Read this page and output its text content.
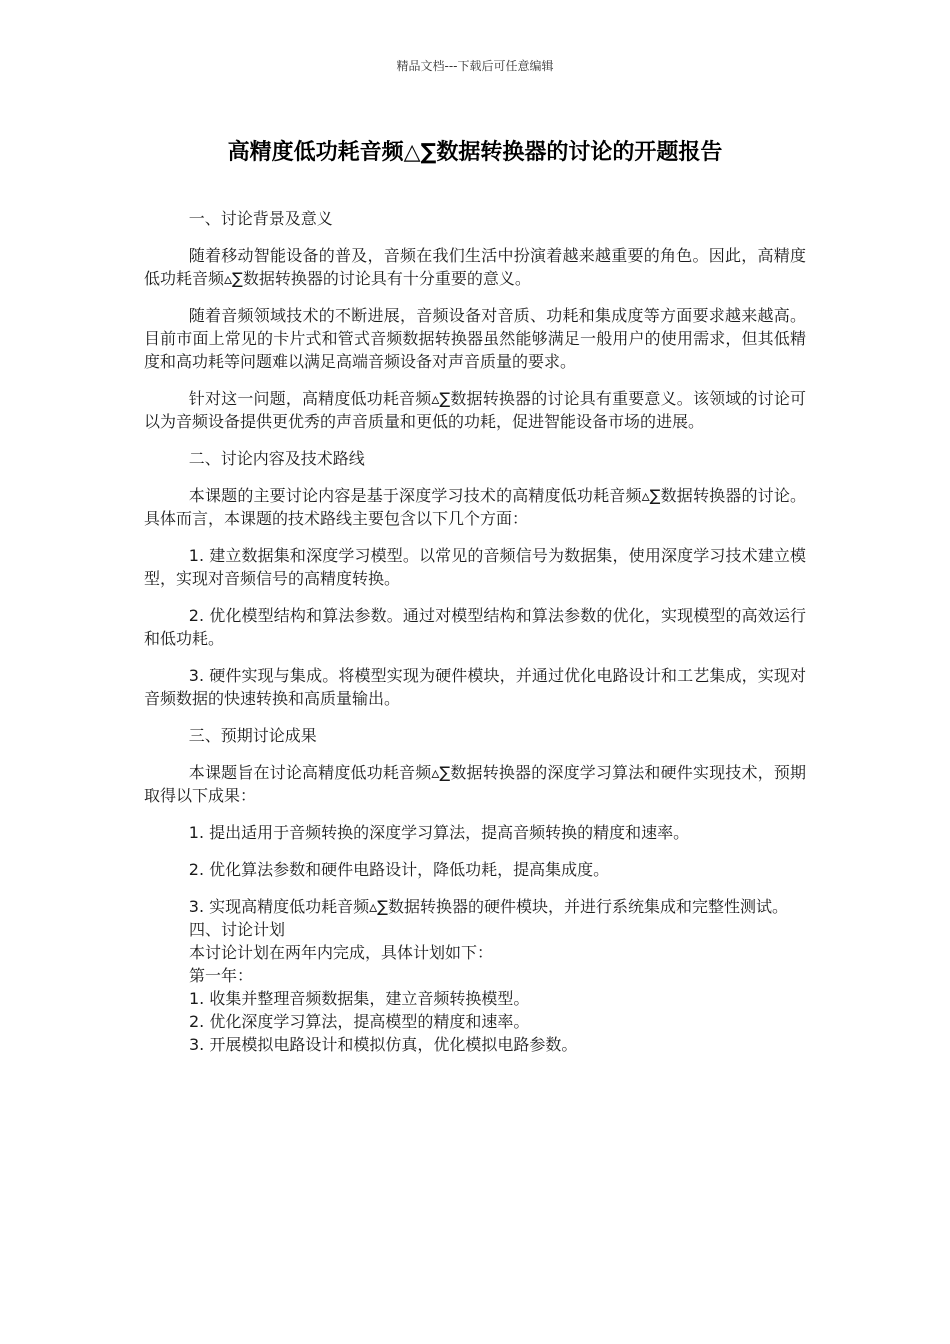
精品文档---下载后可任意编辑
高精度低功耗音频△∑数据转换器的讨论的开题报告

一、讨论背景及意义

随着移动智能设备的普及，音频在我们生活中扮演着越来越重要的角色。因此，高精度低功耗音频▵∑数据转换器的讨论具有十分重要的意义。

随着音频领域技术的不断进展，音频设备对音质、功耗和集成度等方面要求越来越高。目前市面上常见的卡片式和管式音频数据转换器虽然能够满足一般用户的使用需求，但其低精度和高功耗等问题难以满足高端音频设备对声音质量的要求。

针对这一问题，高精度低功耗音频▵∑数据转换器的讨论具有重要意义。该领域的讨论可以为音频设备提供更优秀的声音质量和更低的功耗，促进智能设备市场的进展。

二、讨论内容及技术路线

本课题的主要讨论内容是基于深度学习技术的高精度低功耗音频▵∑数据转换器的讨论。具体而言，本课题的技术路线主要包含以下几个方面：

1. 建立数据集和深度学习模型。以常见的音频信号为数据集，使用深度学习技术建立模型，实现对音频信号的高精度转换。

2. 优化模型结构和算法参数。通过对模型结构和算法参数的优化，实现模型的高效运行和低功耗。

3. 硬件实现与集成。将模型实现为硬件模块，并通过优化电路设计和工艺集成，实现对音频数据的快速转换和高质量输出。

三、预期讨论成果

本课题旨在讨论高精度低功耗音频▵∑数据转换器的深度学习算法和硬件实现技术，预期取得以下成果：

1. 提出适用于音频转换的深度学习算法，提高音频转换的精度和速率。

2. 优化算法参数和硬件电路设计，降低功耗，提高集成度。

3. 实现高精度低功耗音频▵∑数据转换器的硬件模块，并进行系统集成和完整性测试。

四、讨论计划

本讨论计划在两年内完成，具体计划如下：

第一年：

1. 收集并整理音频数据集，建立音频转换模型。

2. 优化深度学习算法，提高模型的精度和速率。

3. 开展模拟电路设计和模拟仿真，优化模拟电路参数。
